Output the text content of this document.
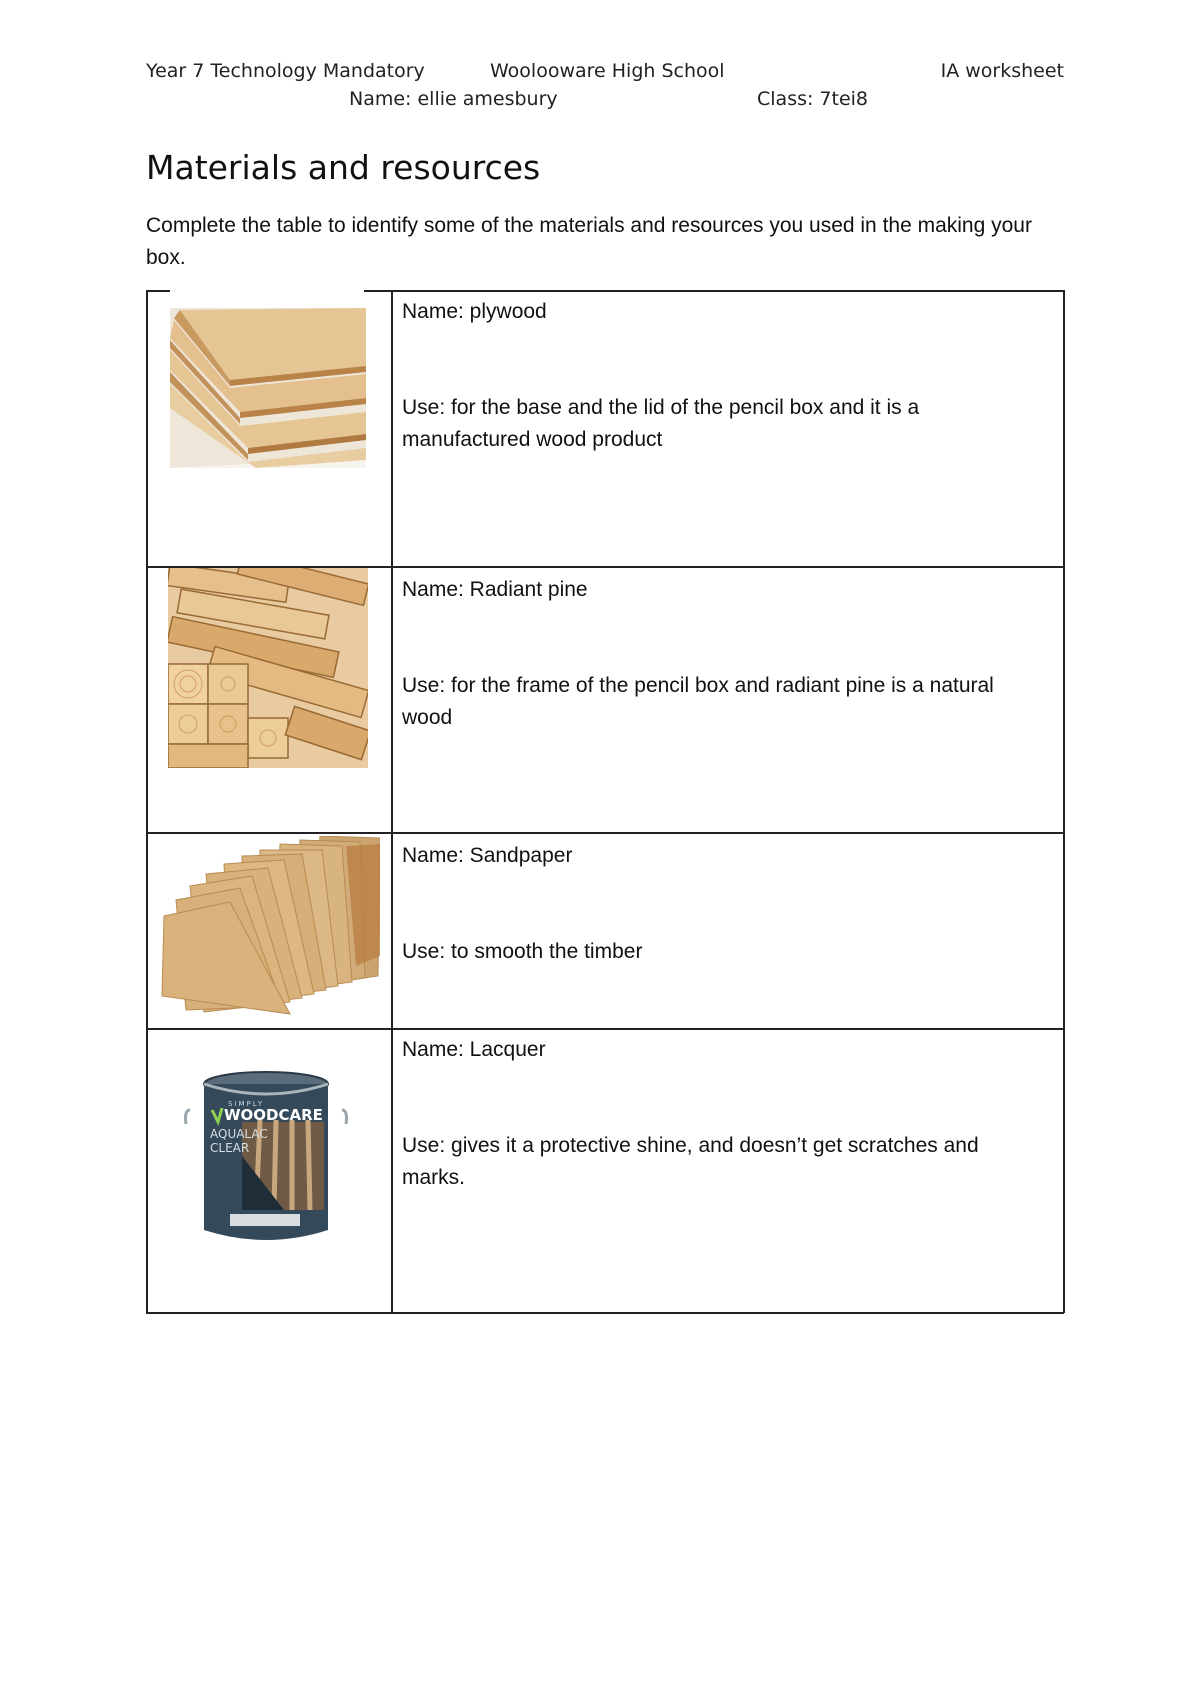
Year 7 Technology Mandatory	Woolooware High School	IA worksheet
Name: ellie amesbury	Class: 7tei8
Materials and resources
Complete the table to identify some of the materials and resources you used in the making your box.
Name: plywood
Use: for the base and the lid of the pencil box and it is a manufactured wood product
Name: Radiant pine
Use: for the frame of the pencil box and radiant pine is a natural wood
Name: Sandpaper
Use: to smooth the timber
SIMPLY
WOODCARE
AQUALAC
CLEAR
Name: Lacquer
Use: gives it a protective shine, and doesn’t get scratches and marks.
